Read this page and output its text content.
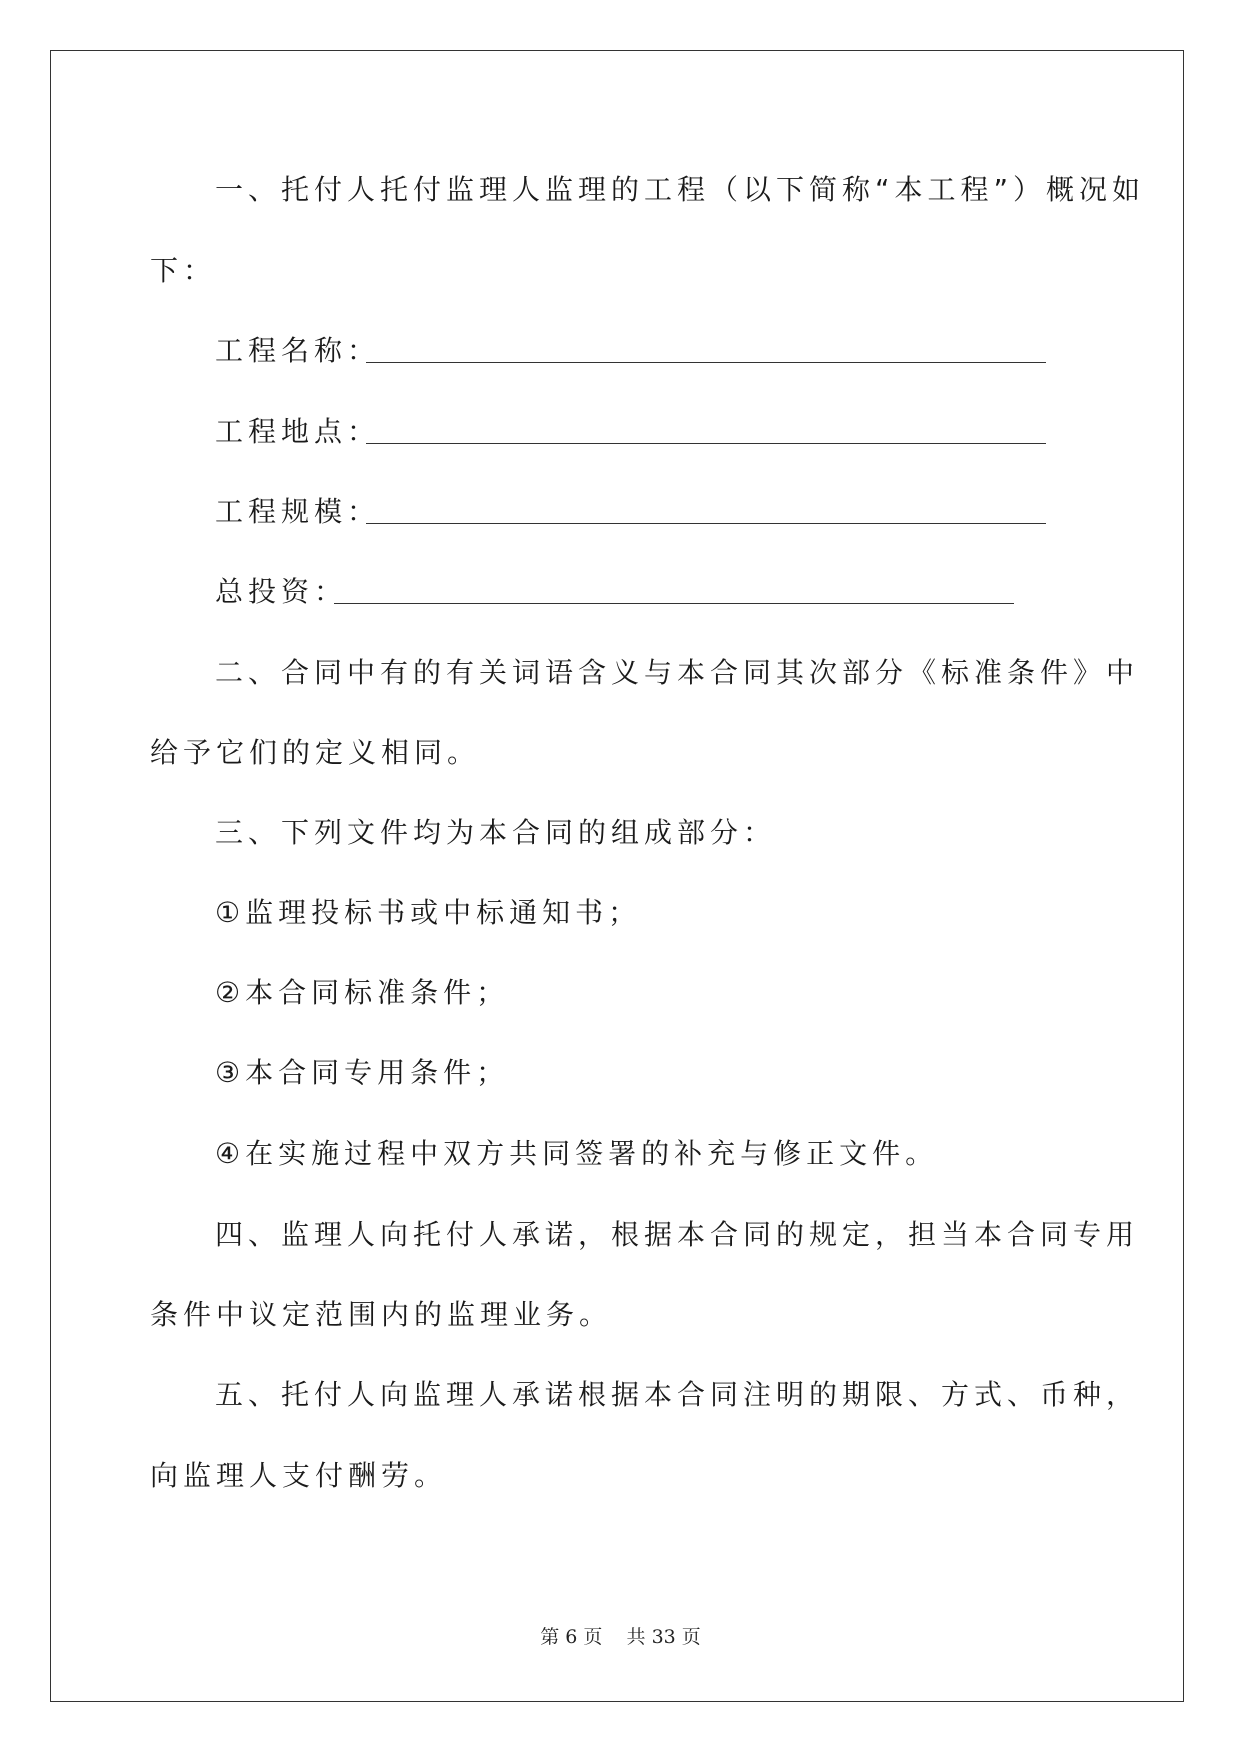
一、托付人托付监理人监理的工程（以下简称“本工程”）概况如
下：
工程名称：
工程地点：
工程规模：
总投资：
二、合同中有的有关词语含义与本合同其次部分《标准条件》中
给予它们的定义相同。
三、下列文件均为本合同的组成部分：
①监理投标书或中标通知书；
②本合同标准条件；
③本合同专用条件；
④在实施过程中双方共同签署的补充与修正文件。
四、监理人向托付人承诺，根据本合同的规定，担当本合同专用
条件中议定范围内的监理业务。
五、托付人向监理人承诺根据本合同注明的期限、方式、币种，
向监理人支付酬劳。
第 6 页    共 33 页
